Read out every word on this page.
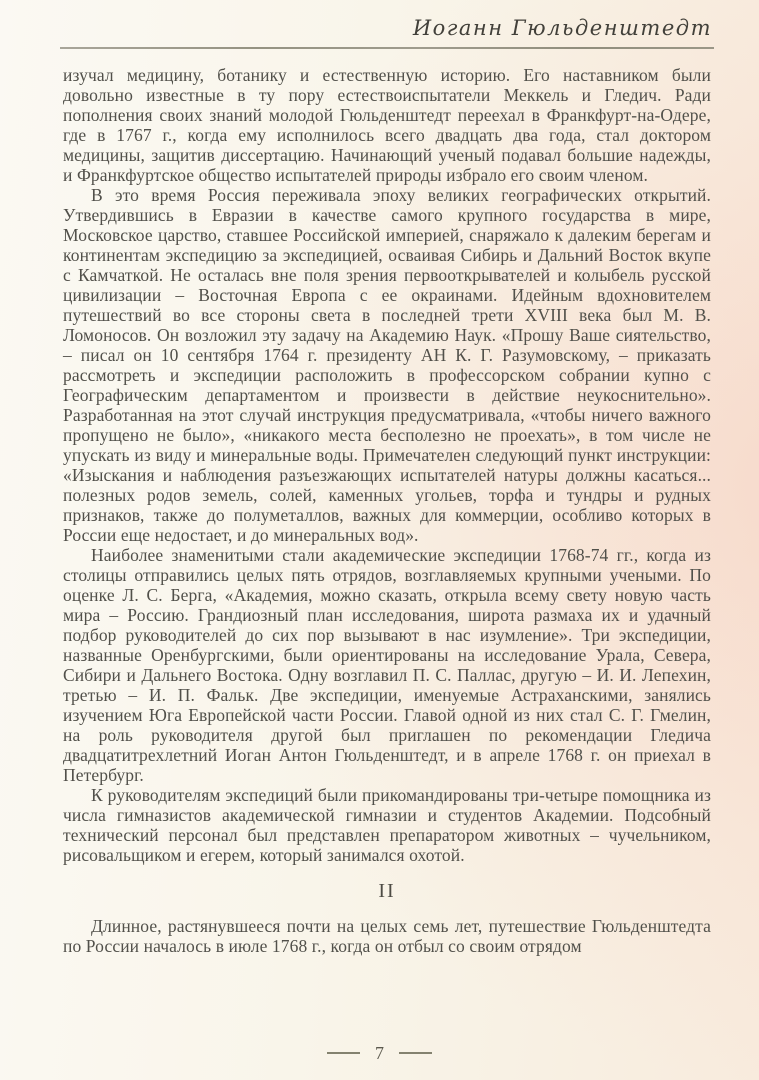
Иоганн Гюльденштедт

изучал медицину, ботанику и естественную историю. Его наставником были довольно известные в ту пору естествоиспытатели Меккель и Гледич. Ради пополнения своих знаний молодой Гюльденштедт переехал в Франкфурт-на-Одере, где в 1767 г., когда ему исполнилось всего двадцать два года, стал доктором медицины, защитив диссертацию. Начинающий ученый подавал большие надежды, и Франкфуртское общество испытателей природы избрало его своим членом.

В это время Россия переживала эпоху великих географических открытий. Утвердившись в Евразии в качестве самого крупного государства в мире, Московское царство, ставшее Российской империей, снаряжало к далеким берегам и континентам экспедицию за экспедицией, осваивая Сибирь и Дальний Восток вкупе с Камчаткой. Не осталась вне поля зрения первооткрывателей и колыбель русской цивилизации – Восточная Европа с ее окраинами. Идейным вдохновителем путешествий во все стороны света в последней трети XVIII века был М. В. Ломоносов. Он возложил эту задачу на Академию Наук. «Прошу Ваше сиятельство, – писал он 10 сентября 1764 г. президенту АН К. Г. Разумовскому, – приказать рассмотреть и экспедиции расположить в профессорском собрании купно с Географическим департаментом и произвести в действие неукоснительно». Разработанная на этот случай инструкция предусматривала, «чтобы ничего важного пропущено не было», «никакого места бесполезно не проехать», в том числе не упускать из виду и минеральные воды. Примечателен следующий пункт инструкции: «Изыскания и наблюдения разъезжающих испытателей натуры должны касаться... полезных родов земель, солей, каменных угольев, торфа и тундры и рудных признаков, также до полуметаллов, важных для коммерции, особливо которых в России еще недостает, и до минеральных вод».

Наиболее знаменитыми стали академические экспедиции 1768-74 гг., когда из столицы отправились целых пять отрядов, возглавляемых крупными учеными. По оценке Л. С. Берга, «Академия, можно сказать, открыла всему свету новую часть мира – Россию. Грандиозный план исследования, широта размаха их и удачный подбор руководителей до сих пор вызывают в нас изумление». Три экспедиции, названные Оренбургскими, были ориентированы на исследование Урала, Севера, Сибири и Дальнего Востока. Одну возглавил П. С. Паллас, другую – И. И. Лепехин, третью – И. П. Фальк. Две экспедиции, именуемые Астраханскими, занялись изучением Юга Европейской части России. Главой одной из них стал С. Г. Гмелин, на роль руководителя другой был приглашен по рекомендации Гледича двадцатитрехлетний Иоган Антон Гюльденштедт, и в апреле 1768 г. он приехал в Петербург.

К руководителям экспедиций были прикомандированы три-четыре помощника из числа гимназистов академической гимназии и студентов Академии. Подсобный технический персонал был представлен препаратором животных – чучельником, рисовальщиком и егерем, который занимался охотой.

II

Длинное, растянувшееся почти на целых семь лет, путешествие Гюльденштедта по России началось в июле 1768 г., когда он отбыл со своим отрядом

7
